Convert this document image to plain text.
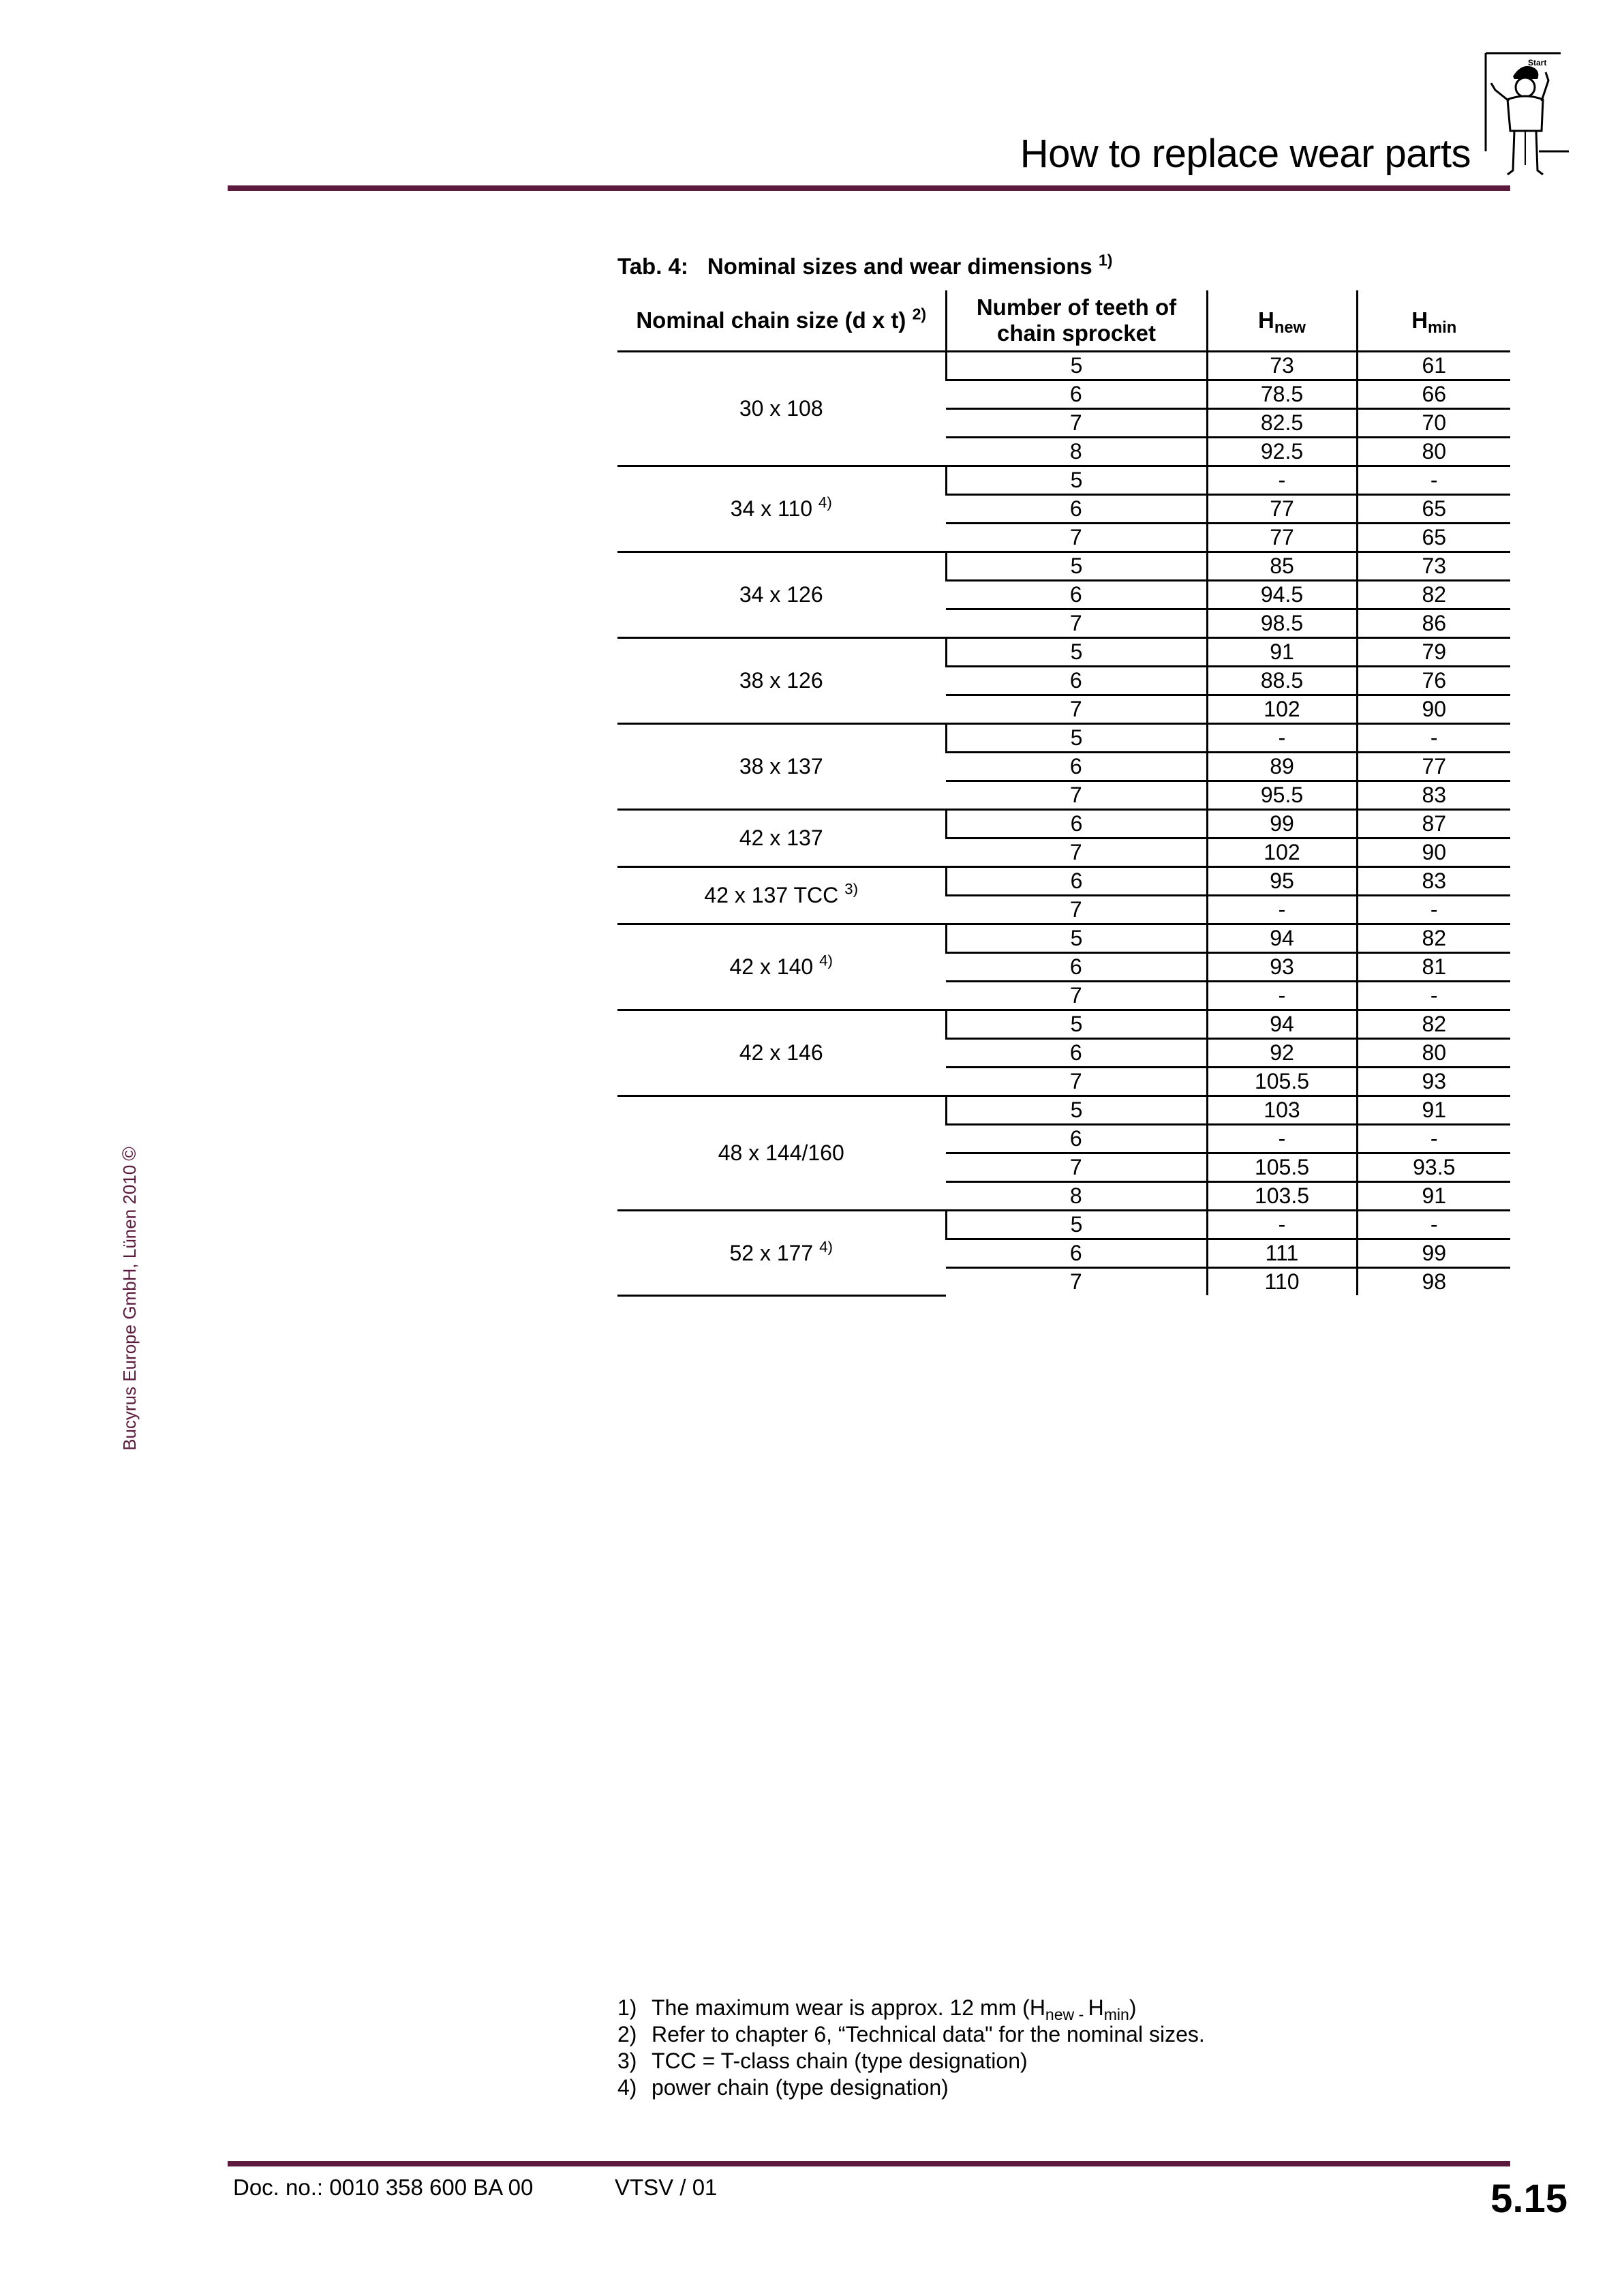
How to replace wear parts
Start
Bucyrus Europe GmbH, Lünen 2010©
Tab. 4: Nominal sizes and wear dimensions $^{1)}$
Nominal chain size (d x t) $^{2)}$	Number of teeth of chain sprocket	$H_{new}$	$H_{min}$
30 x 108	5	73	61
	6	78.5	66
	7	82.5	70
	8	92.5	80
34 x 110 $^{4)}$	5	-	-
	6	77	65
	7	77	65
34 x 126	5	85	73
	6	94.5	82
	7	98.5	86
38 x 126	5	91	79
	6	88.5	76
	7	102	90
38 x 137	5	-	-
	6	89	77
	7	95.5	83
42 x 137	6	99	87
	7	102	90
42 x 137 TCC $^{3)}$	6	95	83
	7	-	-
42 x 140 $^{4)}$	5	94	82
	6	93	81
	7	-	-
42 x 146	5	94	82
	6	92	80
	7	105.5	93
48 x 144/160	5	103	91
	6	-	-
	7	105.5	93.5
	8	103.5	91
52 x 177 $^{4)}$	5	-	-
	6	111	99
	7	110	98
1) The maximum wear is approx. 12 mm ($H_{new -}$ $H_{min}$)
2) Refer to chapter 6, “Technical data" for the nominal sizes.
3) TCC = T-class chain (type designation)
4) power chain (type designation)
Doc. no.: 0010 358 600 BA 00	VTSV / 01	5.15
